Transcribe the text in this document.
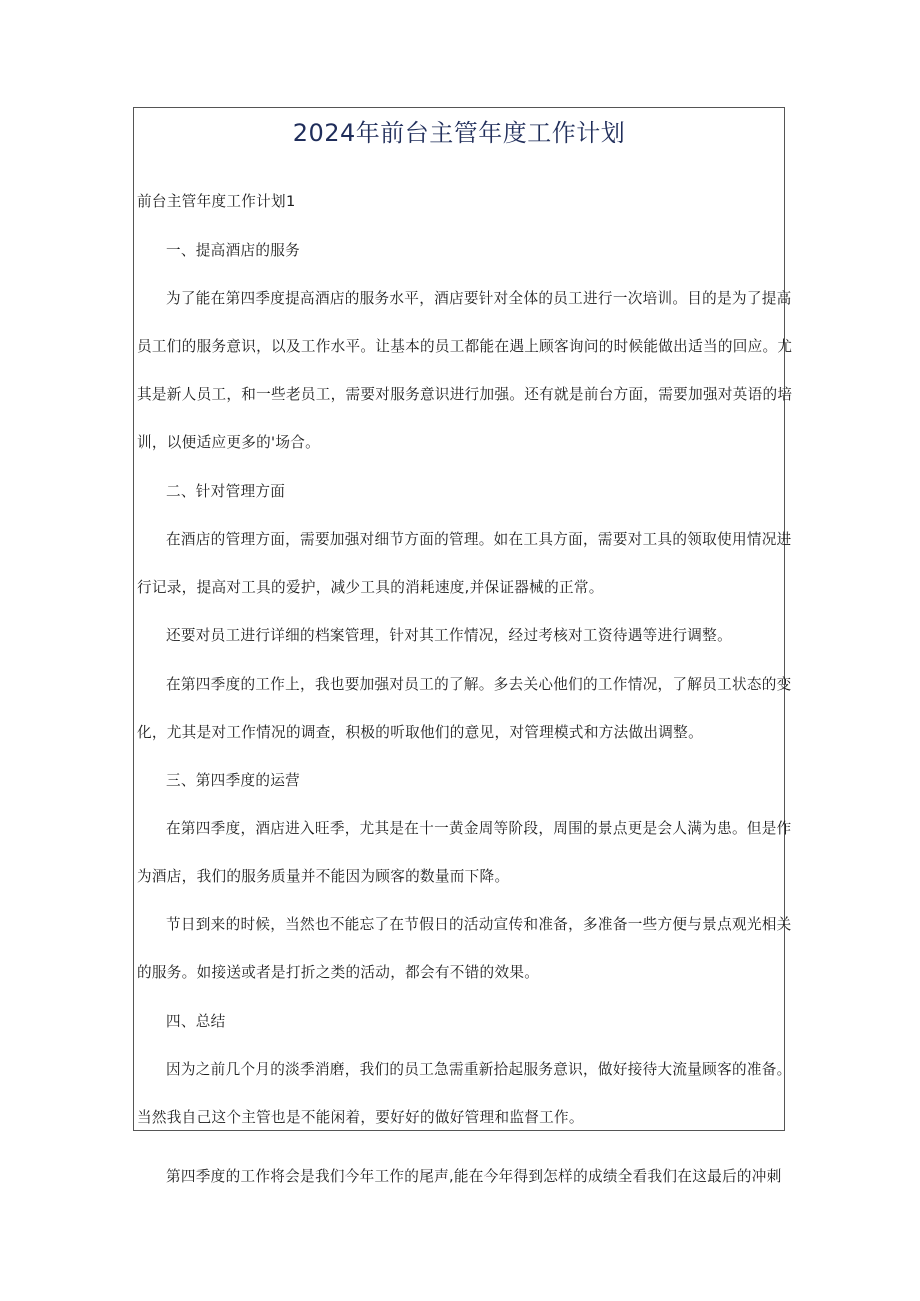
2024年前台主管年度工作计划
前台主管年度工作计划1
一、提高酒店的服务
为了能在第四季度提高酒店的服务水平，酒店要针对全体的员工进行一次培训。目的是为了提高
员工们的服务意识，以及工作水平。让基本的员工都能在遇上顾客询问的时候能做出适当的回应。尤
其是新人员工，和一些老员工，需要对服务意识进行加强。还有就是前台方面，需要加强对英语的培
训，以便适应更多的'场合。
二、针对管理方面
在酒店的管理方面，需要加强对细节方面的管理。如在工具方面，需要对工具的领取使用情况进
行记录，提高对工具的爱护，减少工具的消耗速度,并保证器械的正常。
还要对员工进行详细的档案管理，针对其工作情况，经过考核对工资待遇等进行调整。
在第四季度的工作上，我也要加强对员工的了解。多去关心他们的工作情况，了解员工状态的变
化，尤其是对工作情况的调查，积极的听取他们的意见，对管理模式和方法做出调整。
三、第四季度的运营
在第四季度，酒店进入旺季，尤其是在十一黄金周等阶段，周围的景点更是会人满为患。但是作
为酒店，我们的服务质量并不能因为顾客的数量而下降。
节日到来的时候，当然也不能忘了在节假日的活动宣传和准备，多准备一些方便与景点观光相关
的服务。如接送或者是打折之类的活动，都会有不错的效果。
四、总结
因为之前几个月的淡季消磨，我们的员工急需重新拾起服务意识，做好接待大流量顾客的准备。
当然我自己这个主管也是不能闲着，要好好的做好管理和监督工作。
第四季度的工作将会是我们今年工作的尾声,能在今年得到怎样的成绩全看我们在这最后的冲刺
